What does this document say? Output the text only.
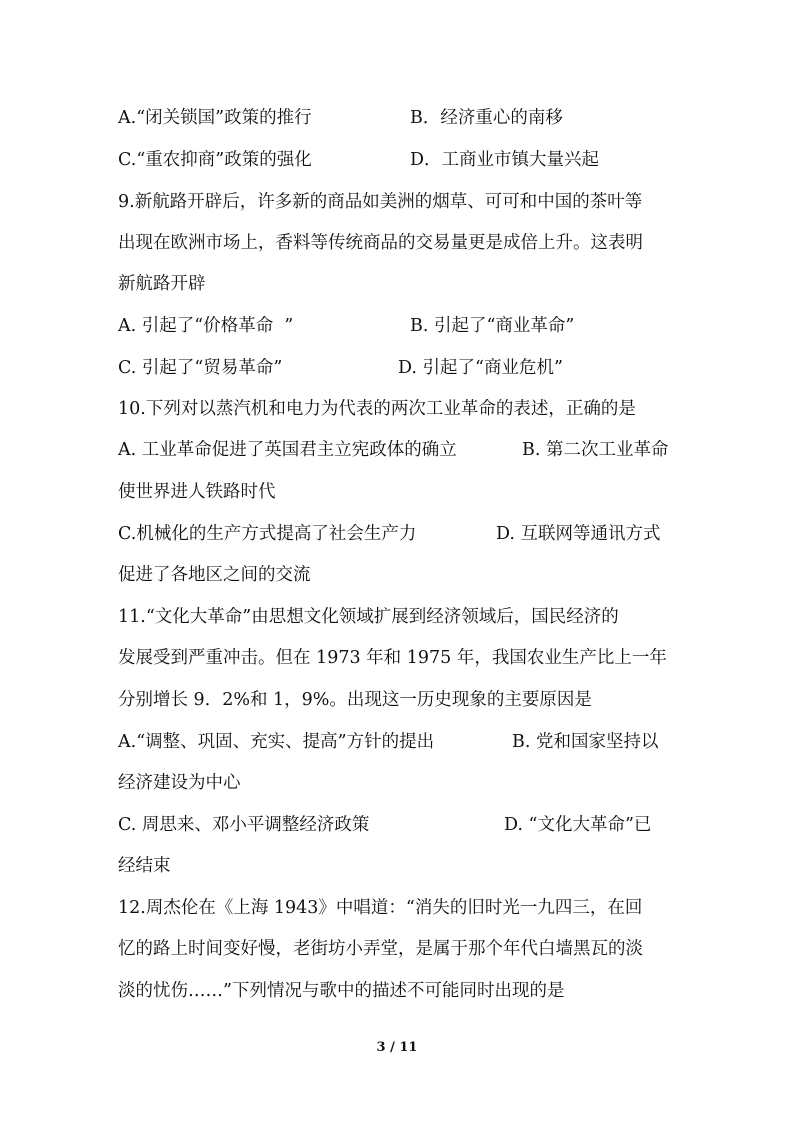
A.“闭关锁国”政策的推行	B．经济重心的南移
C.“重农抑商”政策的强化	D．工商业市镇大量兴起
9.新航路开辟后，许多新的商品如美洲的烟草、可可和中国的茶叶等
出现在欧洲市场上，香料等传统商品的交易量更是成倍上升。这表明
新航路开辟
A. 引起了“价格革命  ”	B. 引起了“商业革命”
C. 引起了“贸易革命”	D. 引起了“商业危机”
10.下列对以蒸汽机和电力为代表的两次工业革命的表述，正确的是
A. 工业革命促进了英国君主立宪政体的确立	B. 第二次工业革命
使世界进人铁路时代
C.机械化的生产方式提高了社会生产力	D. 互联网等通讯方式
促进了各地区之间的交流
11.“文化大革命”由思想文化领域扩展到经济领域后，国民经济的
发展受到严重冲击。但在 1973 年和 1975 年，我国农业生产比上一年
分别增长 9．2%和 1，9%。出现这一历史现象的主要原因是
A.“调整、巩固、充实、提高”方针的提出	B. 党和国家坚持以
经济建设为中心
C. 周思来、邓小平调整经济政策	D. “文化大革命”已
经结束
12.周杰伦在《上海 1943》中唱道：“消失的旧时光一九四三，在回
忆的路上时间变好慢，老街坊小弄堂，是属于那个年代白墙黑瓦的淡
淡的忧伤……”下列情况与歌中的描述不可能同时出现的是
3 / 11
